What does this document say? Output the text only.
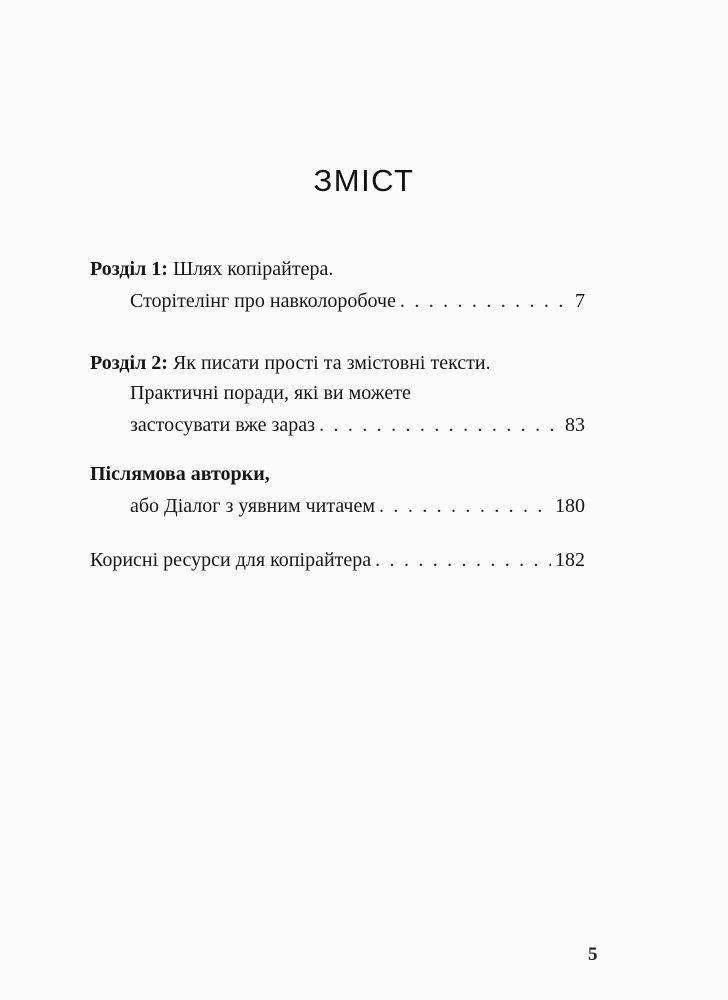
ЗМІСТ
Розділ 1: Шлях копірайтера.
Сторітелінг про навколоробоче . . .	7
Розділ 2: Як писати прості та змістовні тексти.
Практичні поради, які ви можете
застосувати вже зараз . . .	83
Післямова авторки,
або Діалог з уявним читачем . . .	180
Корисні ресурси для копірайтера . . .	182
5
